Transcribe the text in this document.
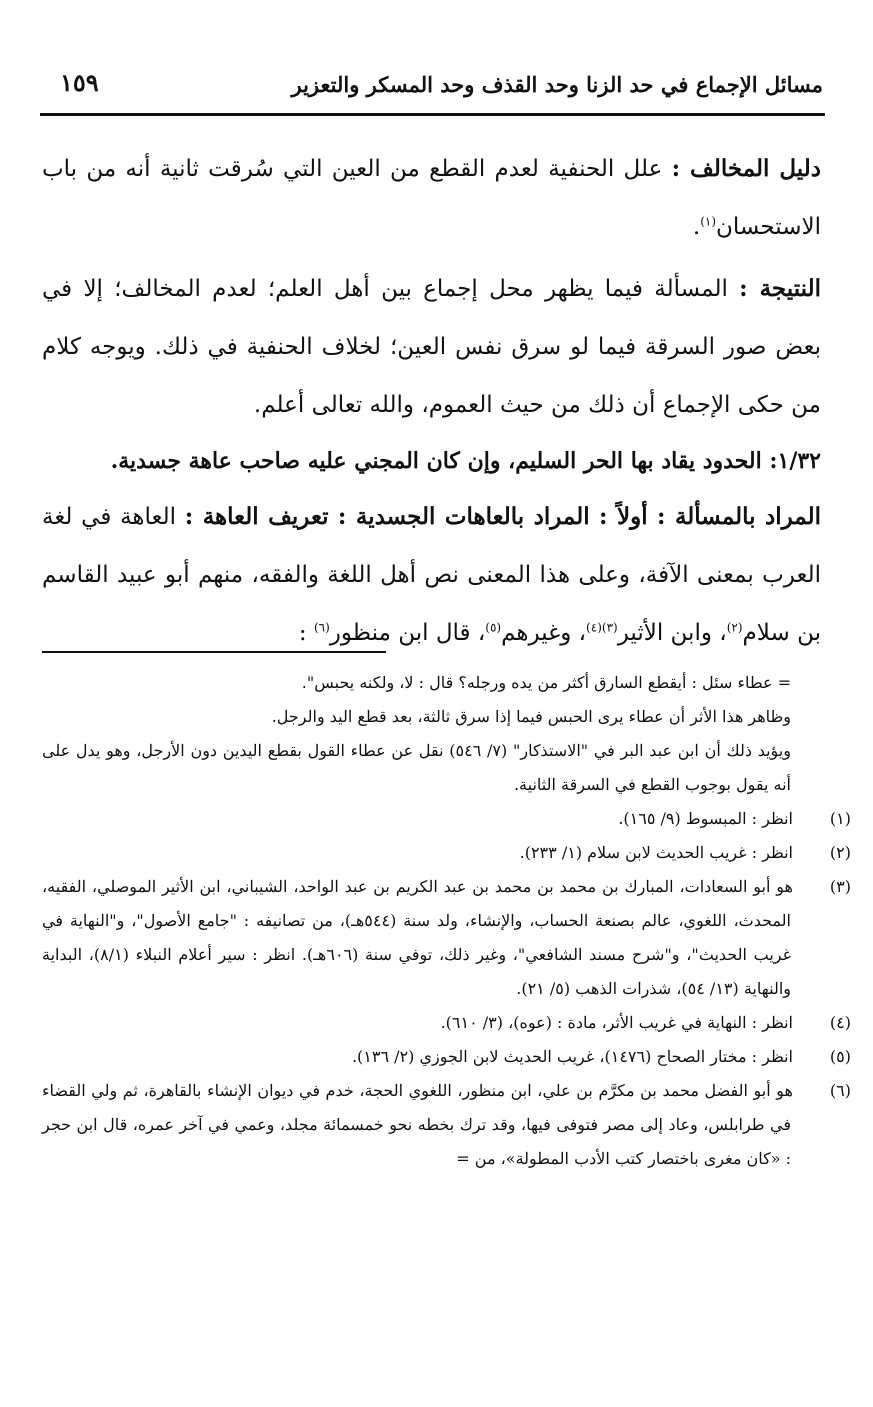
مسائل الإجماع في حد الزنا وحد القذف وحد المسكر والتعزير
١٥٩

دليل المخالف : علل الحنفية لعدم القطع من العين التي سُرقت ثانية أنه من باب الاستحسان$^{(١)}$.

النتيجة : المسألة فيما يظهر محل إجماع بين أهل العلم؛ لعدم المخالف؛ إلا في بعض صور السرقة فيما لو سرق نفس العين؛ لخلاف الحنفية في ذلك. ويوجه كلام من حكى الإجماع أن ذلك من حيث العموم، والله تعالى أعلم.

١/٣٢: الحدود يقاد بها الحر السليم، وإن كان المجني عليه صاحب عاهة جسدية.

المراد بالمسألة : أولاً : المراد بالعاهات الجسدية : تعريف العاهة : العاهة في لغة العرب بمعنى الآفة، وعلى هذا المعنى نص أهل اللغة والفقه، منهم أبو عبيد القاسم بن سلام$^{(٢)}$، وابن الأثير$^{(٣)(٤)}$، وغيرهم$^{(٥)}$، قال ابن منظور$^{(٦)}$ :

= عطاء سئل : أيقطع السارق أكثر من يده ورجله؟ قال : لا، ولكنه يحبس".

وظاهر هذا الأثر أن عطاء يرى الحبس فيما إذا سرق ثالثة، بعد قطع اليد والرجل.

ويؤيد ذلك أن ابن عبد البر في "الاستذكار" (٧/ ٥٤٦) نقل عن عطاء القول بقطع اليدين دون الأرجل، وهو يدل على أنه يقول بوجوب القطع في السرقة الثانية.

(١)انظر : المبسوط (٩/ ١٦٥).

(٢)انظر : غريب الحديث لابن سلام (١/ ٢٣٣).

(٣)هو أبو السعادات، المبارك بن محمد بن محمد بن عبد الكريم بن عبد الواحد، الشيباني، ابن الأثير الموصلي، الفقيه، المحدث، اللغوي، عالم بصنعة الحساب، والإنشاء، ولد سنة (٥٤٤هـ)، من تصانيفه : "جامع الأصول"، و"النهاية في غريب الحديث"، و"شرح مسند الشافعي"، وغير ذلك، توفي سنة (٦٠٦هـ). انظر : سير أعلام النبلاء (٨/١)، البداية والنهاية (١٣/ ٥٤)، شذرات الذهب (٥/ ٢١).

(٤)انظر : النهاية في غريب الأثر، مادة : (عوه)، (٣/ ٦١٠).

(٥)انظر : مختار الصحاح (١٤٧٦)، غريب الحديث لابن الجوزي (٢/ ١٣٦).

(٦)هو أبو الفضل محمد بن مكرَّم بن علي، ابن منظور، اللغوي الحجة، خدم في ديوان الإنشاء بالقاهرة، ثم ولي القضاء في طرابلس، وعاد إلى مصر فتوفى فيها، وقد ترك بخطه نحو خمسمائة مجلد، وعمي في آخر عمره، قال ابن حجر : «كان مغرى باختصار كتب الأدب المطولة»، من =
